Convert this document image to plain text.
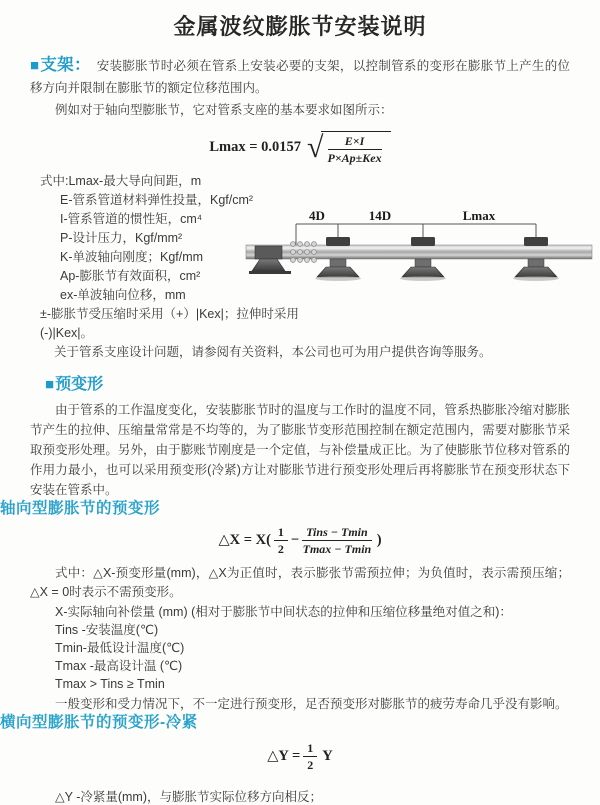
金属波纹膨胀节安装说明

■支架： 安装膨胀节时必须在管系上安装必要的支架，以控制管系的变形在膨胀节上产生的位移方向并限制在膨胀节的额定位移范围内。

例如对于轴向型膨胀节，它对管系支座的基本要求如图所示：

Lmax = 0.0157 √ $\frac{E\times I}{\text{P×Ap±Kex}}$
式中:Lmax-最大导向间距，m
E-管系管道材料弹性投量，Kgf/cm²
I-管系管道的惯性矩，cm⁴
P-设计压力，Kgf/mm²
K-单波轴向刚度；Kgf/mm
Ap-膨胀节有效面积，cm²
ex-单波轴向位移，mm
±-膨胀节受压缩时采用（+）|Kex|；拉伸时采用(-)|Kex|。

关于管系支座设计问题，请参阅有关资料，本公司也可为用户提供咨询等服务。

4D	14D	Lmax
■预变形

由于管系的工作温度变化，安装膨胀节时的温度与工作时的温度不同，管系热膨胀冷缩对膨胀节产生的拉伸、压缩量常常是不均等的，为了膨胀节变形范围控制在额定范围内，需要对膨胀节采取预变形处理。另外，由于膨账节刚度是一个定值，与补偿量成正比。为了使膨胀节位移对管系的作用力最小，也可以采用预变形(冷紧)方让对膨胀节进行预变形处理后再将膨胀节在预变形状态下安装在管系中。

轴向型膨胀节的预变形
△X = $X( \frac{1}{2} - \frac{\text{Tins − Tmin}}{Tmax - Tmin}$ )

式中：△X-预变形量(mm)，△X为正值时，表示膨张节需预拉伸；为负值时，表示需预压缩；△X = 0时表示不需预变形。

X-实际轴向补偿量 (mm) (相对于膨胀节中间状态的拉伸和压缩位移量绝对值之和)：
Tins -安装温度(℃)
Tmin-最低设计温度(℃)
Tmax -最高设计温 (℃)
Tmax > Tins ≥ Tmin

一般变形和受力情况下，不一定进行预变形，足否预变形对膨胀节的疲劳寿命几乎没有影响。

横向型膨胀节的预变形-冷紧
△Y = $\frac{1}{2}$ Y

△Y -冷紧量(mm)，与膨胀节实际位移方向相反；
